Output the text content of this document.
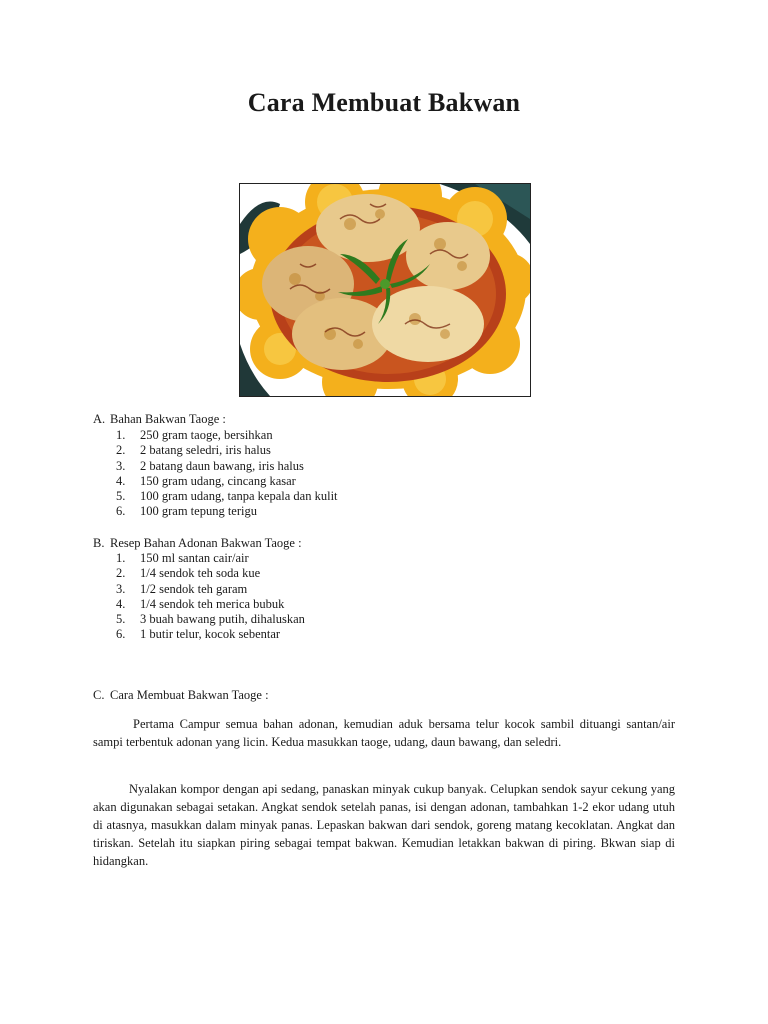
Cara Membuat Bakwan
A. Bahan Bakwan Taoge :
1. 250 gram taoge, bersihkan
2. 2 batang seledri, iris halus
3. 2 batang daun bawang, iris halus
4. 150 gram udang, cincang kasar
5. 100 gram udang, tanpa kepala dan kulit
6. 100 gram tepung terigu
B. Resep Bahan Adonan Bakwan Taoge :
1. 150 ml santan cair/air
2. 1/4 sendok teh soda kue
3. 1/2 sendok teh garam
4. 1/4 sendok teh merica bubuk
5. 3 buah bawang putih, dihaluskan
6. 1 butir telur, kocok sebentar
C. Cara Membuat Bakwan Taoge :

Pertama Campur semua bahan adonan, kemudian aduk bersama telur kocok sambil dituangi santan/air sampi terbentuk adonan yang licin. Kedua masukkan taoge, udang, daun bawang, dan seledri.

Nyalakan kompor dengan api sedang, panaskan minyak cukup banyak. Celupkan sendok sayur cekung yang akan digunakan sebagai setakan. Angkat sendok setelah panas, isi dengan adonan, tambahkan 1-2 ekor udang utuh di atasnya, masukkan dalam minyak panas. Lepaskan bakwan dari sendok, goreng matang kecoklatan. Angkat dan tiriskan. Setelah itu siapkan piring sebagai tempat bakwan. Kemudian letakkan bakwan di piring. Bkwan siap di hidangkan.
